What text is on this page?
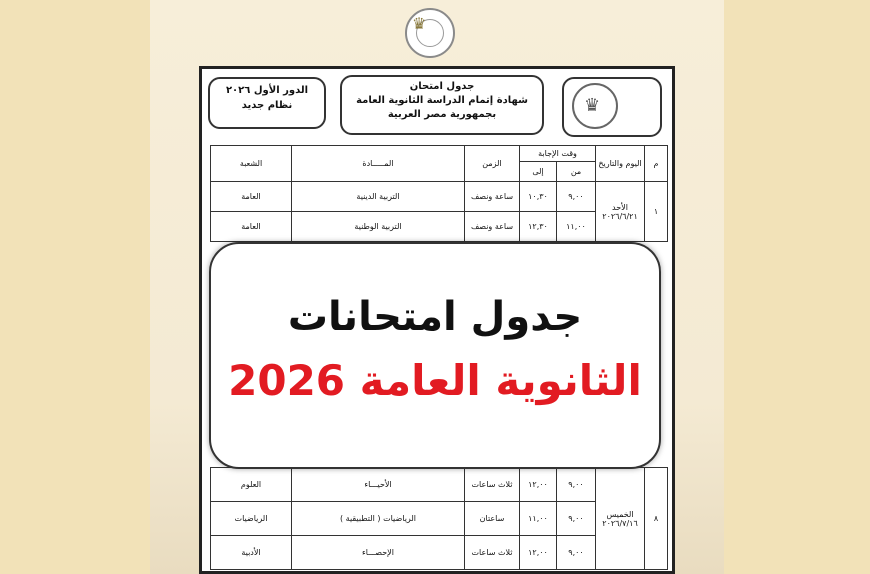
♛
الدور الأول ٢٠٢٦
نظام جديد
جدول امتحان
شهادة إتمام الدراسة الثانوية العامة
بجمهورية مصر العربية	♛
م	اليوم والتاريخ	وقت الإجابة		الزمن	المـــــادة	الشعبة
		من	إلى			
١	الأحد ٢٠٢٦/٦/٢١	٩,٠٠	١٠,٣٠	ساعة ونصف	التربية الدينية	العامة
		١١,٠٠	١٢,٣٠	ساعة ونصف	التربية الوطنية	العامة
٨	الخميس ٢٠٢٦/٧/١٦	٩,٠٠	١٢,٠٠	ثلاث ساعات	الأحيـــاء	العلوم
		٩,٠٠	١١,٠٠	ساعتان	الرياضيات ( التطبيقية )	الرياضيات
		٩,٠٠	١٢,٠٠	ثلاث ساعات	الإحصـــاء	الأدبية
جدول امتحانات
الثانوية العامة 2026
